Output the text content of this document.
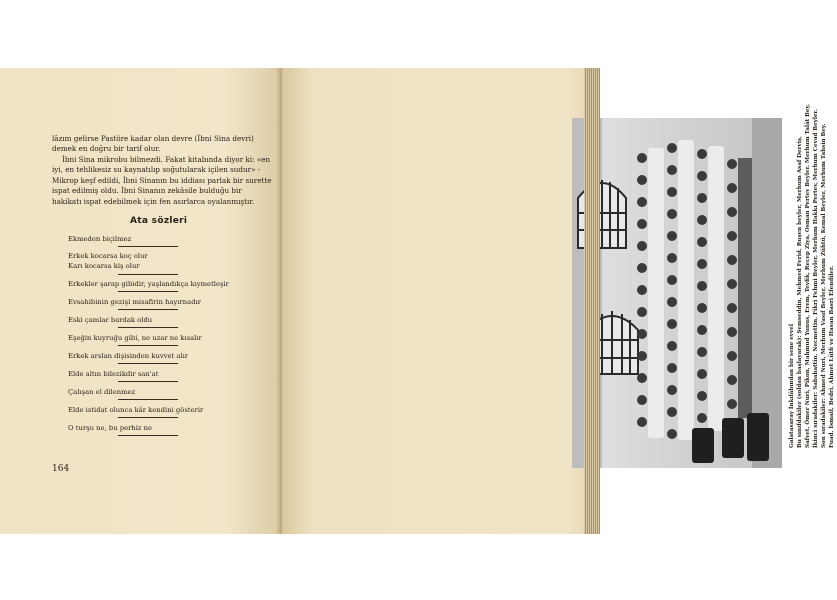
lâzım gelirse Pastöre kadar olan devre (İbni Sina devri) demek en doğru bir tarif olur.

İbni Sina mikrobu bilmezdi. Fakat kitabında diyor ki: «en iyi, en tehlikesiz su kaynatılıp soğutularak içilen sudur» - Mikrop keşf edildi, İbni Sinanın bu iddiası parlak bir surette ispat edilmiş oldu. İbni Sinanın zekâsile bulduğu bir hakikatı ispat edebilmek için fen asırlarca oyalanmıştır.

Ata sözleri
Ekmeden biçilmez
Erkek kocarsa koç olur
Karı kocarsa kiş olur
Erkekler şarap gibidir, yaşlandıkça kıymetleşir
Evsahibinin gezişi misafirin hayırnadır
Eski çamlar bardak oldu
Eşeğin kuyruğu gibi, ne uzar ne kısalır
Erkek arslan dişisinden kuvvet alır
Elde altın bilezikdir san'at
Çalışan el dilenmez
Elde istidat olunca kâr kendini gösterir
O turşu ne, bu perhiz ne
164
Galatasaray İnkılâbından bir sene evvel Bu sınıfdakiler (soldan başlayarak): Şemseddin, Mehmed Ferid, Ruşen beyler, Merhum Asaf Derviş, Safvet, Ömer Nuri, Pikon, Mahmud Yunus, Erem, Tevfik, Recep Ziya, Osman Pertev Beyler. Merhum Talât Bey, İkinci sıradakiler: Sabahattin, Necmettin, Fikri Fehmi Beyler, Merhum Hakkı Pertev, Merhum Cevad Beyler. Son sıradakiler: Ahmed Nuri, Merhum Vasıf Beyler, Merhum Zühtü, Kemal Beyler, Merhum Tahsin Bey. Fuad, İsmail, Bedri, Ahmet Lütfi ve Hasan Basri Efendiler.
